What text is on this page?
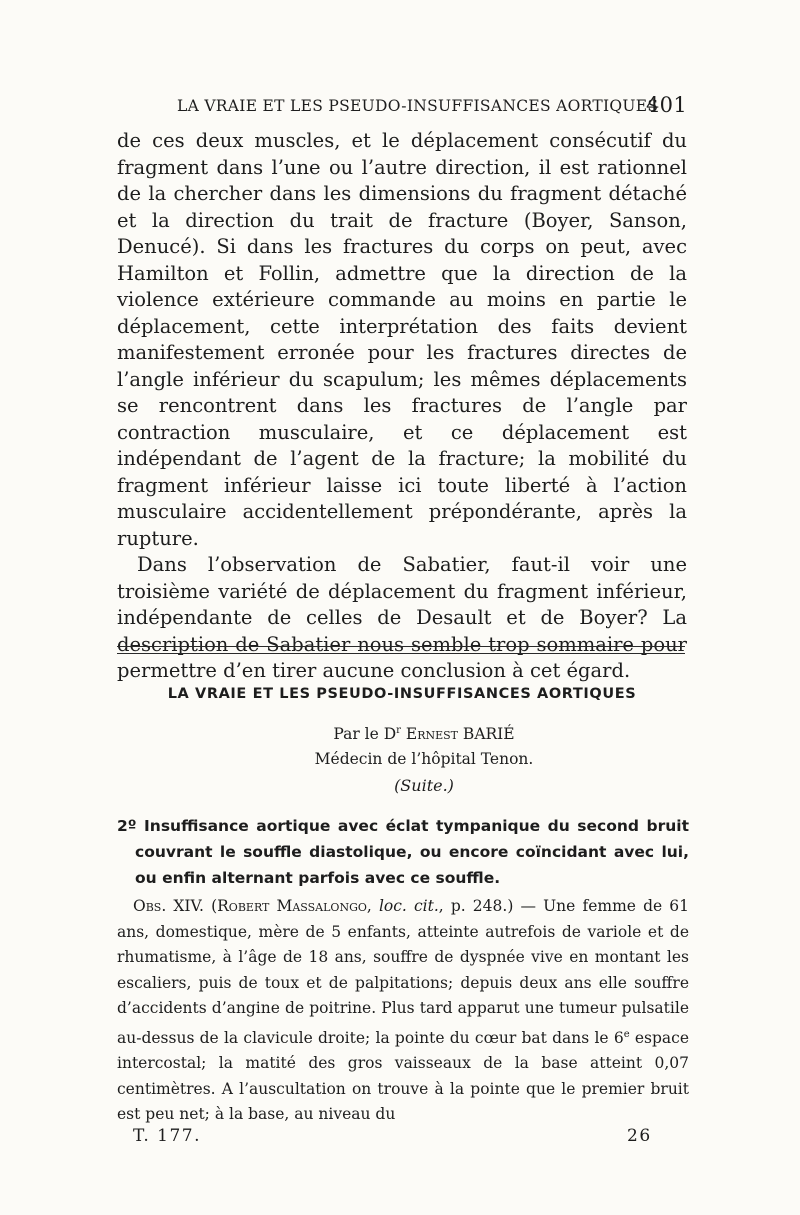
LA VRAIE ET LES PSEUDO-INSUFFISANCES AORTIQUES
401

de ces deux muscles, et le déplacement consécutif du fragment dans l’une ou l’autre direction, il est rationnel de la chercher dans les dimensions du fragment détaché et la direction du trait de fracture (Boyer, Sanson, Denucé). Si dans les fractures du corps on peut, avec Hamilton et Follin, admettre que la direction de la violence extérieure commande au moins en partie le déplacement, cette interprétation des faits devient manifestement erronée pour les fractures directes de l’angle inférieur du scapulum; les mêmes déplacements se rencontrent dans les fractures de l’angle par contraction musculaire, et ce déplacement est indépendant de l’agent de la fracture; la mobilité du fragment inférieur laisse ici toute liberté à l’action musculaire accidentellement prépondérante, après la rupture.

Dans l’observation de Sabatier, faut-il voir une troisième variété de déplacement du fragment inférieur, indépendante de celles de Desault et de Boyer? La description de Sabatier nous semble trop sommaire pour permettre d’en tirer aucune conclusion à cet égard.

LA VRAIE ET LES PSEUDO-INSUFFISANCES AORTIQUES
Par le $D^r$ Ernest BARIÉ
Médecin de l’hôpital Tenon.
(Suite.)
2º Insuffisance aortique avec éclat tympanique du second bruit couvrant le souffle diastolique, ou encore coïncidant avec lui, ou enfin alternant parfois avec ce souffle.

Obs. XIV. (Robert Massalongo, loc. cit., p. 248.) — Une femme de 61 ans, domestique, mère de 5 enfants, atteinte autrefois de variole et de rhumatisme, à l’âge de 18 ans, souffre de dyspnée vive en montant les escaliers, puis de toux et de palpitations; depuis deux ans elle souffre d’accidents d’angine de poitrine. Plus tard apparut une tumeur pulsatile au-dessus de la clavicule droite; la pointe du cœur bat dans le 6e espace intercostal; la matité des gros vaisseaux de la base atteint 0,07 centimètres. A l’auscultation on trouve à la pointe que le premier bruit est peu net; à la base, au niveau du

T. 177.	26
